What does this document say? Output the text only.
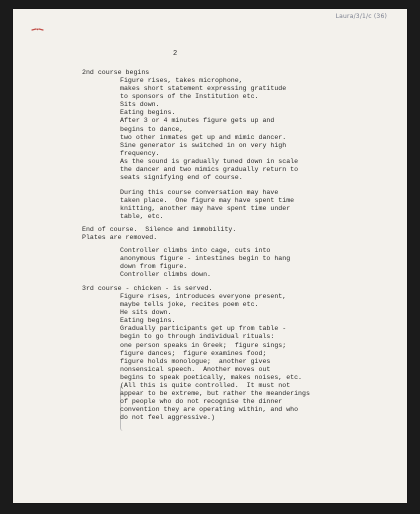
Laura/3/1/c (36)
2
2nd course begins
Figure rises, takes microphone,
makes short statement expressing gratitude
to sponsors of the Institution etc.
Sits down.
Eating begins.
After 3 or 4 minutes figure gets up and
begins to dance,
two other inmates get up and mimic dancer.
Sine generator is switched in on very high
frequency.
As the sound is gradually tuned down in scale
the dancer and two mimics gradually return to
seats signifying end of course.
During this course conversation may have
taken place.  One figure may have spent time
knitting, another may have spent time under
table, etc.
End of course.  Silence and immobility.
Plates are removed.
Controller climbs into cage, cuts into
anonymous figure - intestines begin to hang
down from figure.
Controller climbs down.
3rd course - chicken - is served.
Figure rises, introduces everyone present,
maybe tells joke, recites poem etc.
He sits down.
Eating begins.
Gradually participants get up from table -
begin to go through individual rituals:
one person speaks in Greek;  figure sings;
figure dances;  figure examines food;
figure holds monologue;  another gives
nonsensical speech.  Another moves out
begins to speak poetically, makes noises, etc.
(All this is quite controlled.  It must not
appear to be extreme, but rather the meanderings
of people who do not recognise the dinner
convention they are operating within, and who
do not feel aggressive.)
